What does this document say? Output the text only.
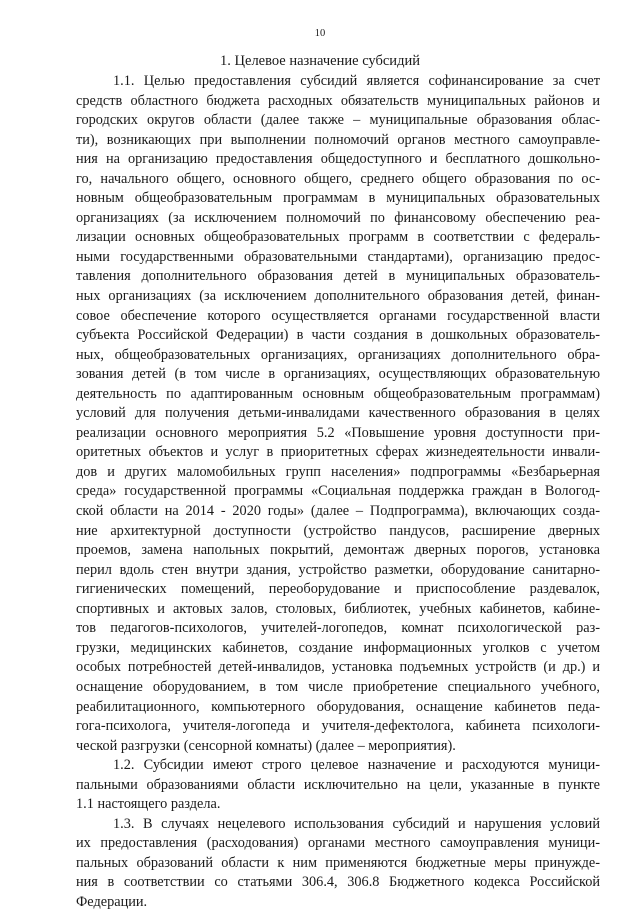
10
1. Целевое назначение субсидий
1.1. Целью предоставления субсидий является софинансирование за счет
средств областного бюджета расходных обязательств муниципальных районов и
городских округов области (далее также – муниципальные образования облас-
ти), возникающих при выполнении полномочий органов местного самоуправле-
ния на организацию предоставления общедоступного и бесплатного дошкольно-
го, начального общего, основного общего, среднего общего образования по ос-
новным общеобразовательным программам в муниципальных образовательных
организациях (за исключением полномочий по финансовому обеспечению реа-
лизации основных общеобразовательных программ в соответствии с федераль-
ными государственными образовательными стандартами), организацию предос-
тавления дополнительного образования детей в муниципальных образователь-
ных организациях (за исключением дополнительного образования детей, финан-
совое обеспечение которого осуществляется органами государственной власти
субъекта Российской Федерации) в части создания в дошкольных образователь-
ных, общеобразовательных организациях, организациях дополнительного обра-
зования детей (в том числе в организациях, осуществляющих образовательную
деятельность по адаптированным основным общеобразовательным программам)
условий для получения детьми-инвалидами качественного образования в целях
реализации основного мероприятия 5.2 «Повышение уровня доступности при-
оритетных объектов и услуг в приоритетных сферах жизнедеятельности инвали-
дов и других маломобильных групп населения» подпрограммы «Безбарьерная
среда» государственной программы «Социальная поддержка граждан в Вологод-
ской области на 2014 - 2020 годы» (далее – Подпрограмма), включающих созда-
ние архитектурной доступности (устройство пандусов, расширение дверных
проемов, замена напольных покрытий, демонтаж дверных порогов, установка
перил вдоль стен внутри здания, устройство разметки, оборудование санитарно-
гигиенических помещений, переоборудование и приспособление раздевалок,
спортивных и актовых залов, столовых, библиотек, учебных кабинетов, кабине-
тов педагогов-психологов, учителей-логопедов, комнат психологической раз-
грузки, медицинских кабинетов, создание информационных уголков с учетом
особых потребностей детей-инвалидов, установка подъемных устройств (и др.) и
оснащение оборудованием, в том числе приобретение специального учебного,
реабилитационного, компьютерного оборудования, оснащение кабинетов педа-
гога-психолога, учителя-логопеда и учителя-дефектолога, кабинета психологи-
ческой разгрузки (сенсорной комнаты) (далее – мероприятия).
1.2. Субсидии имеют строго целевое назначение и расходуются муници-
пальными образованиями области исключительно на цели, указанные в пункте
1.1 настоящего раздела.
1.3. В случаях нецелевого использования субсидий и нарушения условий
их предоставления (расходования) органами местного самоуправления муници-
пальных образований области к ним применяются бюджетные меры принужде-
ния в соответствии со статьями 306.4, 306.8 Бюджетного кодекса Российской
Федерации.
